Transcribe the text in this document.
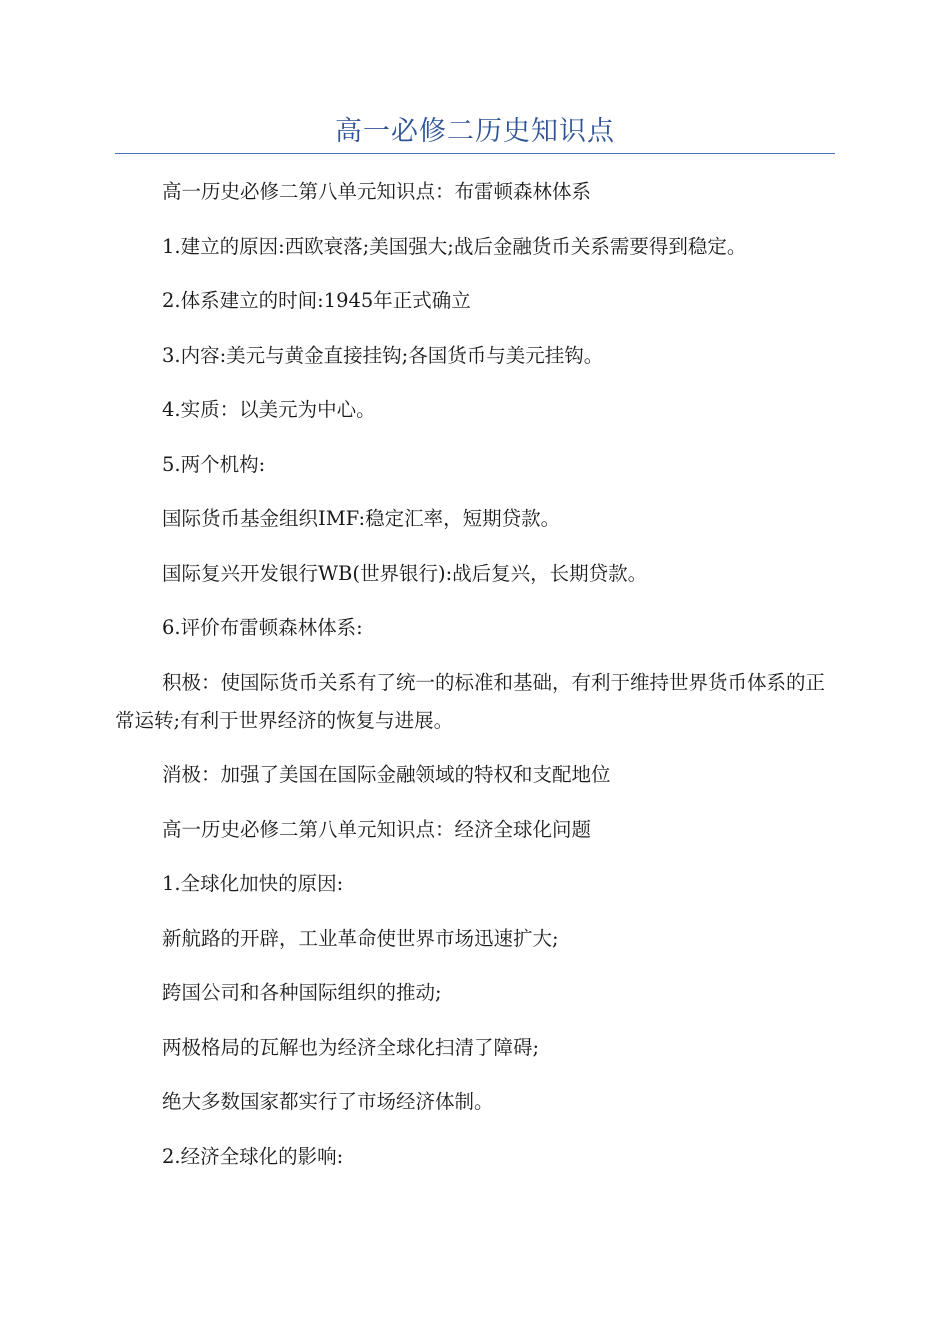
高一必修二历史知识点

高一历史必修二第八单元知识点：布雷顿森林体系

1.建立的原因:西欧衰落;美国强大;战后金融货币关系需要得到稳定。

2.体系建立的时间:1945年正式确立

3.内容:美元与黄金直接挂钩;各国货币与美元挂钩。

4.实质：以美元为中心。

5.两个机构:

国际货币基金组织IMF:稳定汇率，短期贷款。

国际复兴开发银行WB(世界银行):战后复兴，长期贷款。

6.评价布雷顿森林体系:

积极：使国际货币关系有了统一的标准和基础，有利于维持世界货币体系的正常运转;有利于世界经济的恢复与进展。

消极：加强了美国在国际金融领域的特权和支配地位

高一历史必修二第八单元知识点：经济全球化问题

1.全球化加快的原因:

新航路的开辟，工业革命使世界市场迅速扩大;

跨国公司和各种国际组织的推动;

两极格局的瓦解也为经济全球化扫清了障碍;

绝大多数国家都实行了市场经济体制。

2.经济全球化的影响:
